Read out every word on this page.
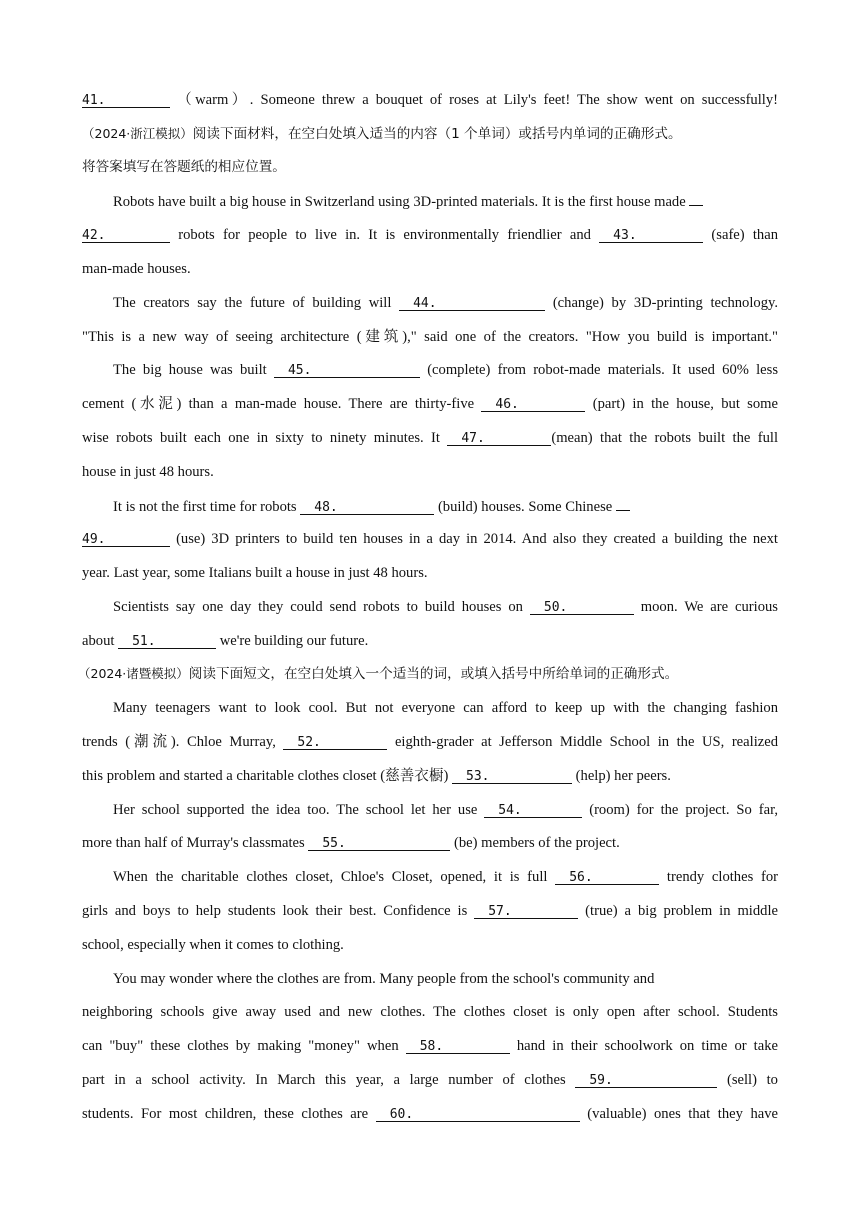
41.	（warm）. Someone threw a bouquet of roses at Lily's feet! The show went on successfully!
（2024·浙江模拟）阅读下面材料，在空白处填入适当的内容（1 个单词）或括号内单词的正确形式。
将答案填写在答题纸的相应位置。
Robots have built a big house in Switzerland using 3D-printed materials. It is the first house made
42.	robots for people to live in. It is environmentally friendlier and 43.	(safe) than
man-made houses.
The creators say the future of building will 44.	(change) by 3D-printing technology.
"This is a new way of seeing architecture (建筑)," said one of the creators. "How you build is important."
The big house was built 45.	(complete) from robot-made materials. It used 60% less
cement (水泥) than a man-made house. There are thirty-five 46.	(part) in the house, but some
wise robots built each one in sixty to ninety minutes. It 47.	(mean) that the robots built the full
house in just 48 hours.
It is not the first time for robots 48.	(build) houses. Some Chinese
49.	(use) 3D printers to build ten houses in a day in 2014. And also they created a building the next
year. Last year, some Italians built a house in just 48 hours.
Scientists say one day they could send robots to build houses on 50.	moon. We are curious
about 51.	we're building our future.
（2024·诸暨模拟）阅读下面短文，在空白处填入一个适当的词，或填入括号中所给单词的正确形式。
Many teenagers want to look cool. But not everyone can afford to keep up with the changing fashion
trends (潮流). Chloe Murray, 52.	eighth-grader at Jefferson Middle School in the US, realized
this problem and started a charitable clothes closet (慈善衣橱) 53.	(help) her peers.
Her school supported the idea too. The school let her use 54.	(room) for the project. So far,
more than half of Murray's classmates 55.	(be) members of the project.
When the charitable clothes closet, Chloe's Closet, opened, it is full 56.	trendy clothes for
girls and boys to help students look their best. Confidence is 57.	(true) a big problem in middle
school, especially when it comes to clothing.
You may wonder where the clothes are from. Many people from the school's community and
neighboring schools give away used and new clothes. The clothes closet is only open after school. Students
can "buy" these clothes by making "money" when 58.	hand in their schoolwork on time or take
part in a school activity. In March this year, a large number of clothes 59.	(sell) to
students. For most children, these clothes are 60.	(valuable) ones that they have
